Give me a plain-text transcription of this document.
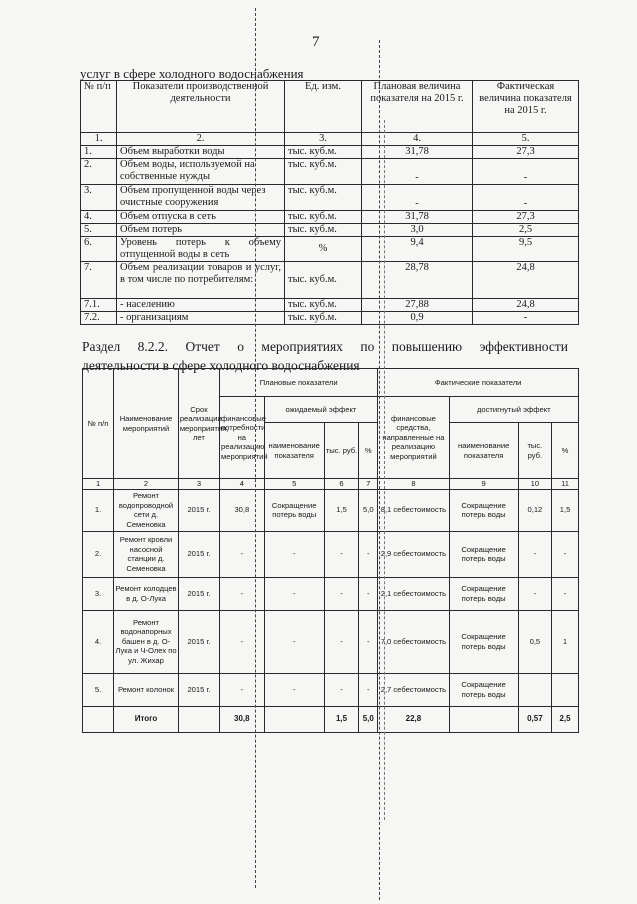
7
услуг в сфере холодного водоснабжения
№ п/п	Показатели производственной деятельности	Ед. изм.	Плановая величина показателя на 2015 г.	Фактическая величина показателя на 2015 г.
1.	2.	3.	4.	5.
1.	Объем выработки воды	тыс. куб.м.	31,78	27,3
2.	Объем воды, используемой на собственные нужды	тыс. куб.м.	-	-
3.	Объем пропущенной воды через очистные сооружения	тыс. куб.м.	-	-
4.	Объем отпуска в сеть	тыс. куб.м.	31,78	27,3
5.	Объем потерь	тыс. куб.м.	3,0	2,5
6.	Уровень потерь к объему отпущенной воды в сеть	%	9,4	9,5
7.	Объем реализации товаров и услуг, в том числе по потребителям:	тыс. куб.м.	28,78	24,8
7.1.	- населению	тыс. куб.м.	27,88	24,8
7.2.	- организациям	тыс. куб.м.	0,9	-
Раздел 8.2.2. Отчет о мероприятиях по повышению эффективности
деятельности в сфере холодного водоснабжения
№ п/п	Наименование мероприятий	Срок реализации мероприятия, лет	Плановые показатели				Фактические показатели			
			финансовые потребности на реализацию мероприятий	ожидаемый эффект			финансовые средства, направленные на реализацию мероприятий	достигнутый эффект		
				наименование показателя	тыс. руб.	%		наименование показателя	тыс. руб.	%
1	2	3	4	5	6	7	8	9	10	11
1.	Ремонт водопроводной сети д. Семеновка	2015 г.	30,8	Сокращение потерь воды	1,5	5,0	8,1 себестоимость	Сокращение потерь воды	0,12	1,5
2.	Ремонт кровли насосной станции д. Семеновка	2015 г.	-	-	-	-	2,9 себестоимость	Сокращение потерь воды	-	-
3.	Ремонт колодцев в д. О-Лука	2015 г.	-	-	-	-	2,1 себестоимость	Сокращение потерь воды	-	-
4.	Ремонт водонапорных башен в д. О-Лука и Ч-Олех по ул. Жихар	2015 г.	-	-	-	-	7,0 себестоимость	Сокращение потерь воды	0,5	1
5.	Ремонт колонок	2015 г.	-	-	-	-	2,7 себестоимость	Сокращение потерь воды		
	Итого		30,8		1,5	5,0	22,8		0,57	2,5
